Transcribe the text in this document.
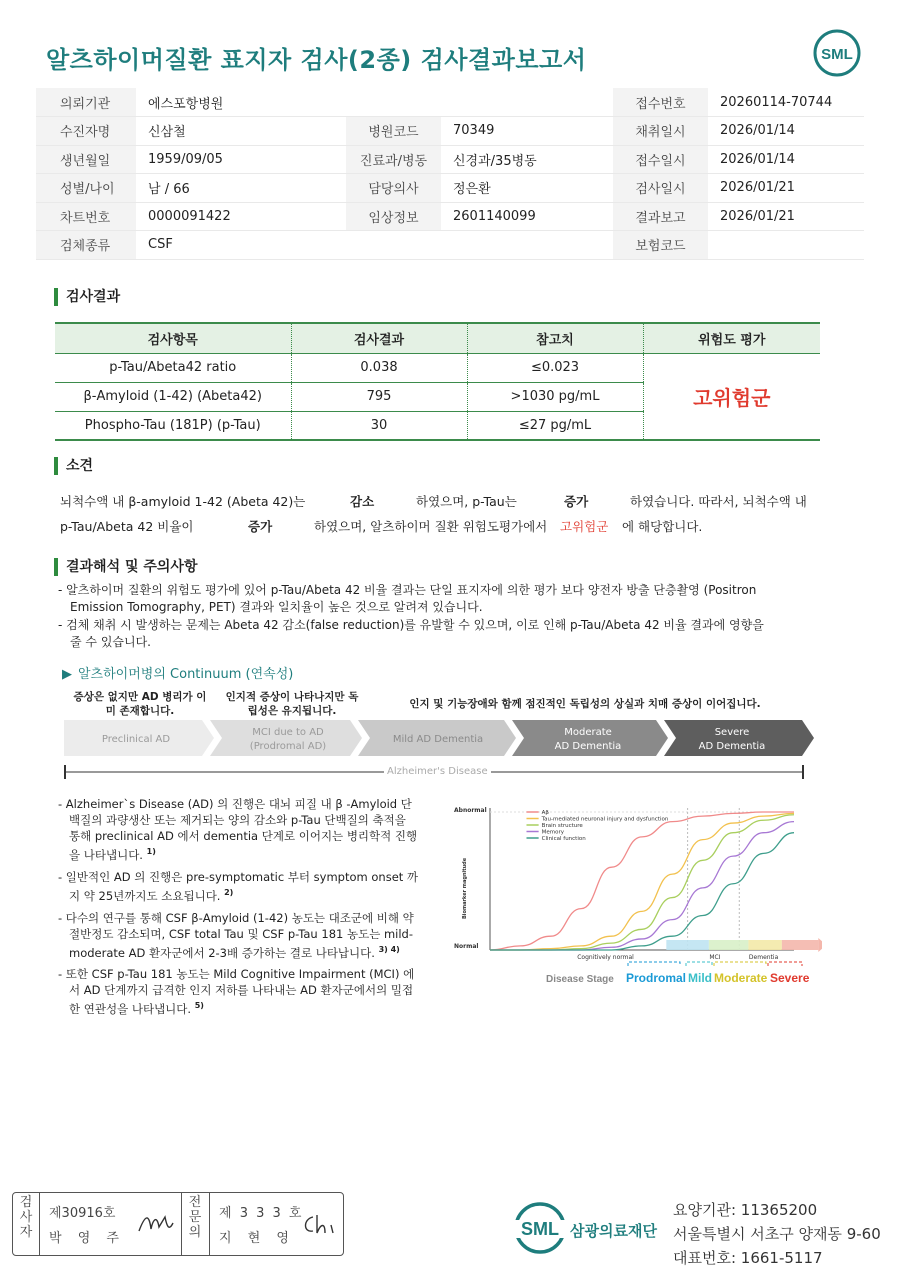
알츠하이머질환 표지자 검사(2종) 검사결과보고서	SML
의뢰기관	에스포항병원			접수번호	20260114-70744
수진자명	신삼철	병원코드	70349	채취일시	2026/01/14
생년월일	1959/09/05	진료과/병동	신경과/35병동	접수일시	2026/01/14
성별/나이	남 / 66	담당의사	정은환	검사일시	2026/01/21
차트번호	0000091422	임상정보	2601140099	결과보고	2026/01/21
검체종류	CSF			보험코드	
검사결과
검사항목	검사결과	참고치	위험도 평가
p-Tau/Abeta42 ratio	0.038	≤0.023	고위험군
β-Amyloid (1-42) (Abeta42)	795	>1030 pg/mL	
Phospho-Tau (181P) (p-Tau)	30	≤27 pg/mL	
소견
뇌척수액 내 β-amyloid 1-42 (Abeta 42)는	감소	하였으며, p-Tau는	증가	하였습니다. 따라서, 뇌척수액 내
p-Tau/Abeta 42 비율이	증가	하였으며, 알츠하이머 질환 위험도평가에서 고위험군 에 해당합니다.
결과해석 및 주의사항
- 알츠하이머 질환의 위험도 평가에 있어 p-Tau/Abeta 42 비율 결과는 단일 표지자에 의한 평가 보다 양전자 방출 단층촬영 (Positron Emission Tomography, PET) 결과와 일치율이 높은 것으로 알려져 있습니다.
- 검체 채취 시 발생하는 문제는 Abeta 42 감소(false reduction)를 유발할 수 있으며, 이로 인해 p-Tau/Abeta 42 비율 결과에 영향을 줄 수 있습니다.
▶ 알츠하이머병의 Continuum (연속성)
증상은 없지만 AD 병리가 이미 존재합니다.
인지적 증상이 나타나지만 독립성은 유지됩니다.
인지 및 기능장애와 함께 점진적인 독립성의 상실과 치매 증상이 이어집니다.
Preclinical AD
MCI due to AD
(Prodromal AD)
Mild AD Dementia
Moderate
AD Dementia
Severe
AD Dementia
Alzheimer's Disease
- Alzheimer`s Disease (AD) 의 진행은 대뇌 피질 내 β -Amyloid 단백질의 과량생산 또는 제거되는 양의 감소와 p-Tau 단백질의 축적을 통해 preclinical AD 에서 dementia 단계로 이어지는 병리학적 진행을 나타냅니다. $^{1)}$
- 일반적인 AD 의 진행은 pre-symptomatic 부터 symptom onset 까지 약 25년까지도 소요됩니다. $^{2)}$
- 다수의 연구를 통해 CSF β-Amyloid (1-42) 농도는 대조군에 비해 약 절반정도 감소되며, CSF total Tau 및 CSF p-Tau 181 농도는 mild-moderate AD 환자군에서 2-3배 증가하는 결로 나타납니다. $^{3) 4)}$
- 또한 CSF p-Tau 181 농도는 Mild Cognitive Impairment (MCI) 에서 AD 단계까지 급격한 인지 저하를 나타내는 AD 환자군에서의 밀접한 연관성을 나타냅니다. $^{5)}$
Aβ
Tau-mediated neuronal injury and dysfunction
Brain structure
Memory
Clinical function
Normal
Abnormal
Biomarker magnitude
Cognitively normal	MCI	Dementia
Disease Stage Prodromal Mild Moderate Severe
검사자
제30916호
박 영 주
전문의
제 3 3 3 호
지 현 영	SML 삼광의료재단
요양기관: 11365200
서울특별시 서초구 양재동 9-60
대표번호: 1661-5117
